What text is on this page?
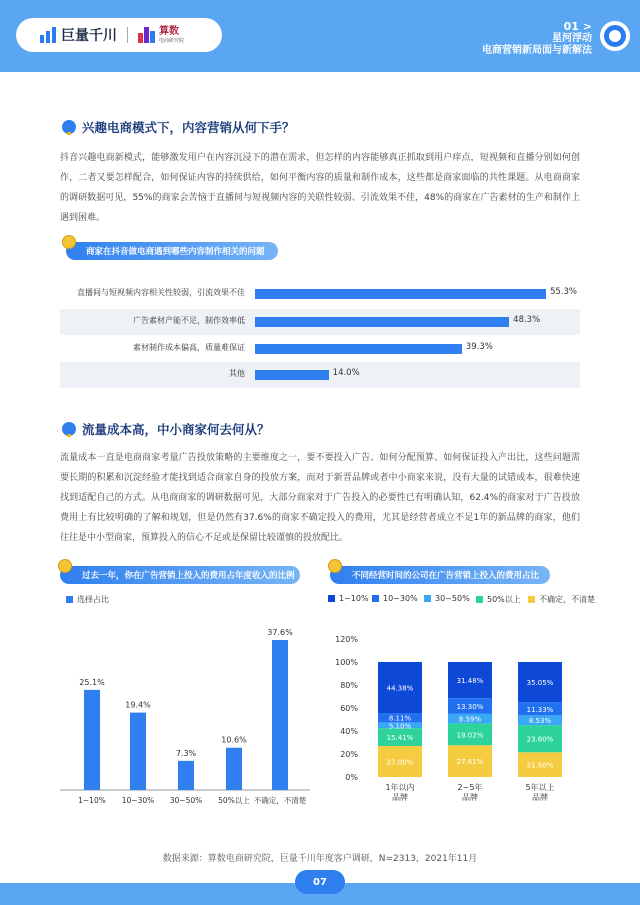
巨量千川	算数
电商研究院
01 >
星河浮动
电商营销新局面与新解法
兴趣电商模式下，内容营销从何下手？
抖音兴趣电商新模式，能够激发用户在内容沉浸下的潜在需求，但怎样的内容能够真正抓取到用户痒点，短视频和直播分别如何创作，二者又要怎样配合，如何保证内容的持续供给，如何平衡内容的质量和制作成本，这些都是商家面临的共性课题。从电商商家的调研数据可见，55%的商家会苦恼于直播间与短视频内容的关联性较弱、引流效果不佳，48%的商家在广告素材的生产和制作上遇到困难。
商家在抖音做电商遇到哪些内容制作相关的问题
直播间与短视频内容相关性较弱，引流效果不佳	55.3%
广告素材产能不足，制作效率低	48.3%
素材制作成本偏高，质量难保证	39.3%
其他	14.0%
流量成本高，中小商家何去何从？
流量成本一直是电商商家考量广告投放策略的主要维度之一，要不要投入广告、如何分配预算、如何保证投入产出比，这些问题需要长期的积累和沉淀经验才能找到适合商家自身的投放方案，而对于新晋品牌或者中小商家来说，没有大量的试错成本，很难快速找到适配自己的方式。从电商商家的调研数据可见，大部分商家对于广告投入的必要性已有明确认知，62.4%的商家对于广告投放费用上有比较明确的了解和规划，但是仍然有37.6%的商家不确定投入的费用，尤其是经营者成立不足1年的新品牌的商家，他们往往是中小型商家，预算投入的信心不足或是保留比较谨慎的投放配比。
过去一年，你在广告营销上投入的费用占年度收入的比例	不同经营时间的公司在广告营销上投入的费用占比
选择占比
25.1%
1~10%
19.4%
10~30%
7.3%
30~50%
10.6%
50%以上
37.6%
不确定，不清楚
1~10% 10~30% 30~50% 50%以上 不确定，不清楚
0%
20%
40%
60%
80%
100%
120%
27.00%
15.41%
5.10%
8.11%
44.38%
1年以内
品牌
27.61%
19.02%
8.59%
13.30%
31.48%
2~5年
品牌
21.50%
23.60%
8.53%
11.33%
35.05%
5年以上
品牌
数据来源：算数电商研究院，巨量千川年度客户调研，N=2313，2021年11月
07
